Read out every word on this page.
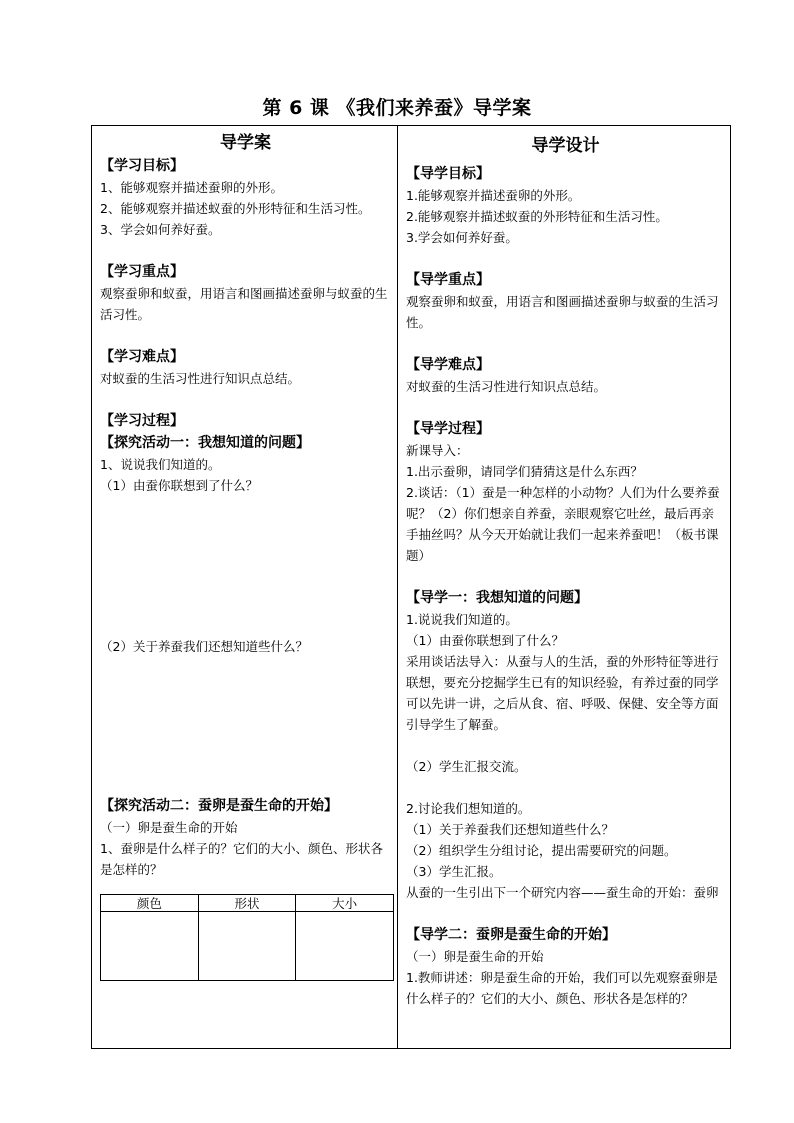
第 6 课 《我们来养蚕》导学案
导学案
【学习目标】

1、能够观察并描述蚕卵的外形。

2、能够观察并描述蚁蚕的外形特征和生活习性。

3、学会如何养好蚕。

【学习重点】

观察蚕卵和蚁蚕，用语言和图画描述蚕卵与蚁蚕的生活习性。

【学习难点】

对蚁蚕的生活习性进行知识点总结。

【学习过程】
【探究活动一：我想知道的问题】

1、说说我们知道的。

（1）由蚕你联想到了什么？

（2）关于养蚕我们还想知道些什么？

【探究活动二：蚕卵是蚕生命的开始】

（一）卵是蚕生命的开始

1、蚕卵是什么样子的？它们的大小、颜色、形状各是怎样的？

颜色	形状	大小

导学设计
【导学目标】

1.能够观察并描述蚕卵的外形。

2.能够观察并描述蚁蚕的外形特征和生活习性。

3.学会如何养好蚕。

【导学重点】

观察蚕卵和蚁蚕，用语言和图画描述蚕卵与蚁蚕的生活习性。

【导学难点】

对蚁蚕的生活习性进行知识点总结。

【导学过程】

新课导入：

1.出示蚕卵，请同学们猜猜这是什么东西？

2.谈话：（1）蚕是一种怎样的小动物？人们为什么要养蚕呢？（2）你们想亲自养蚕，亲眼观察它吐丝，最后再亲手抽丝吗？从今天开始就让我们一起来养蚕吧！（板书课题）

【导学一：我想知道的问题】

1.说说我们知道的。

（1）由蚕你联想到了什么？

采用谈话法导入：从蚕与人的生活，蚕的外形特征等进行联想，要充分挖掘学生已有的知识经验，有养过蚕的同学可以先讲一讲，之后从食、宿、呼吸、保健、安全等方面引导学生了解蚕。

（2）学生汇报交流。

2.讨论我们想知道的。

（1）关于养蚕我们还想知道些什么？

（2）组织学生分组讨论，提出需要研究的问题。

（3）学生汇报。

从蚕的一生引出下一个研究内容——蚕生命的开始：蚕卵

【导学二：蚕卵是蚕生命的开始】

（一）卵是蚕生命的开始

1.教师讲述：卵是蚕生命的开始，我们可以先观察蚕卵是什么样子的？它们的大小、颜色、形状各是怎样的？
